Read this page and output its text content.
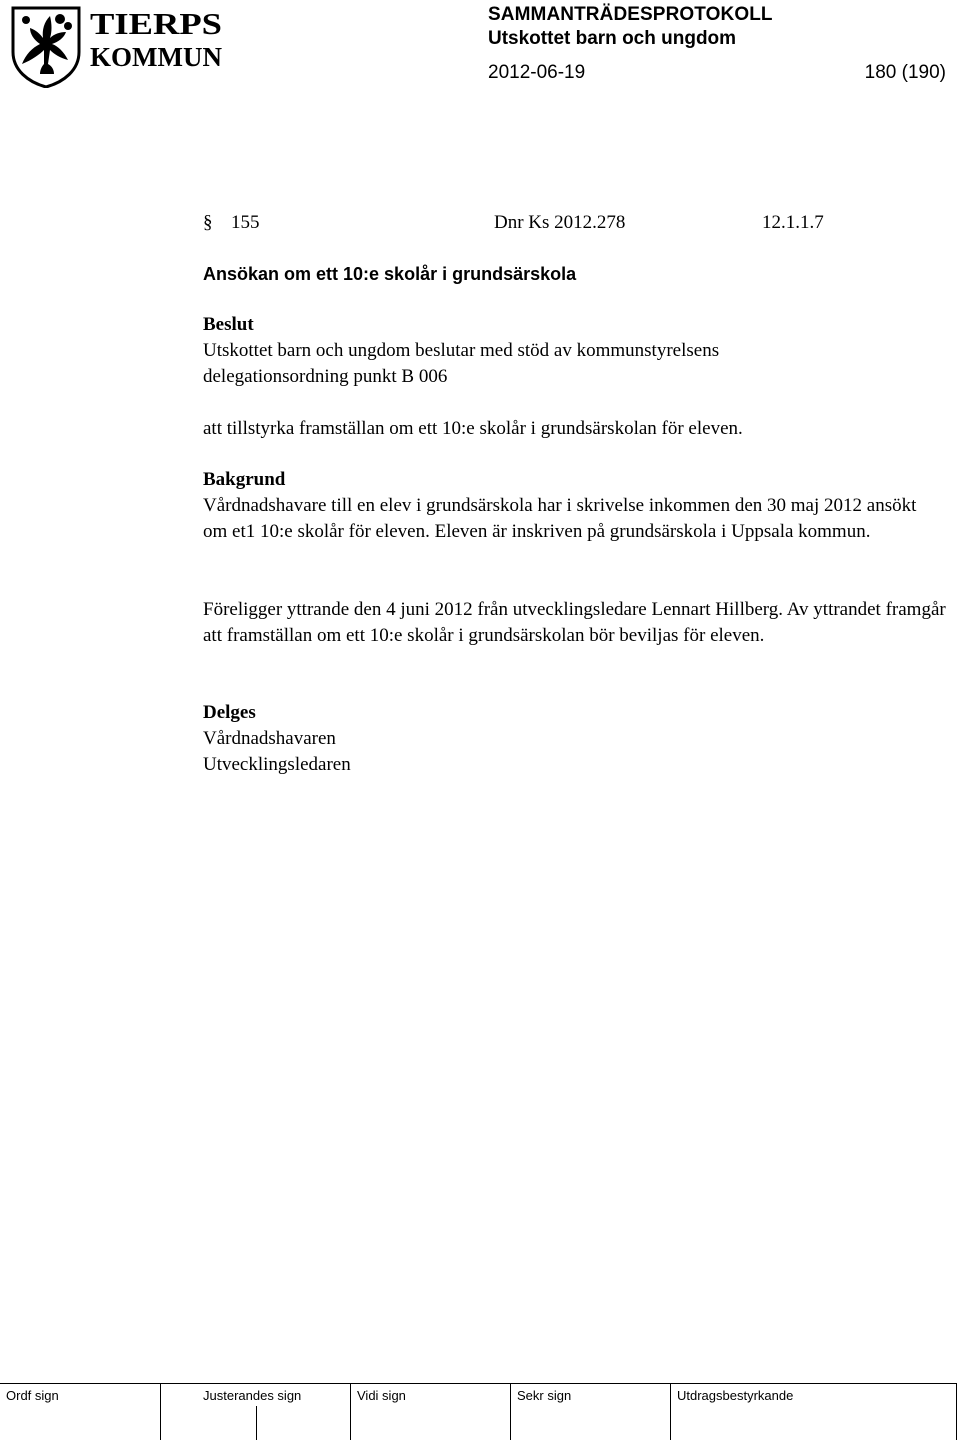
TIERPS
KOMMUN
SAMMANTRÄDESPROTOKOLL
Utskottet barn och ungdom
2012-06-19	180 (190)
§ 155	Dnr Ks 2012.278	12.1.1.7
Ansökan om ett 10:e skolår i grundsärskola
Beslut
Utskottet barn och ungdom beslutar med stöd av kommunstyrelsens delegationsordning punkt B 006
att tillstyrka framställan om ett 10:e skolår i grundsärskolan för eleven.
Bakgrund
Vårdnadshavare till en elev i grundsärskola har i skrivelse inkommen den 30 maj 2012 ansökt om et1 10:e skolår för eleven. Eleven är inskriven på grundsärskola i Uppsala kommun.
Föreligger yttrande den 4 juni 2012 från utvecklingsledare Lennart Hillberg. Av yttrandet framgår att framställan om ett 10:e skolår i grundsärskolan bör beviljas för eleven.
Delges
Vårdnadshavaren
Utvecklingsledaren
Ordf sign	Justerandes sign	Vidi sign	Sekr sign	Utdragsbestyrkande
